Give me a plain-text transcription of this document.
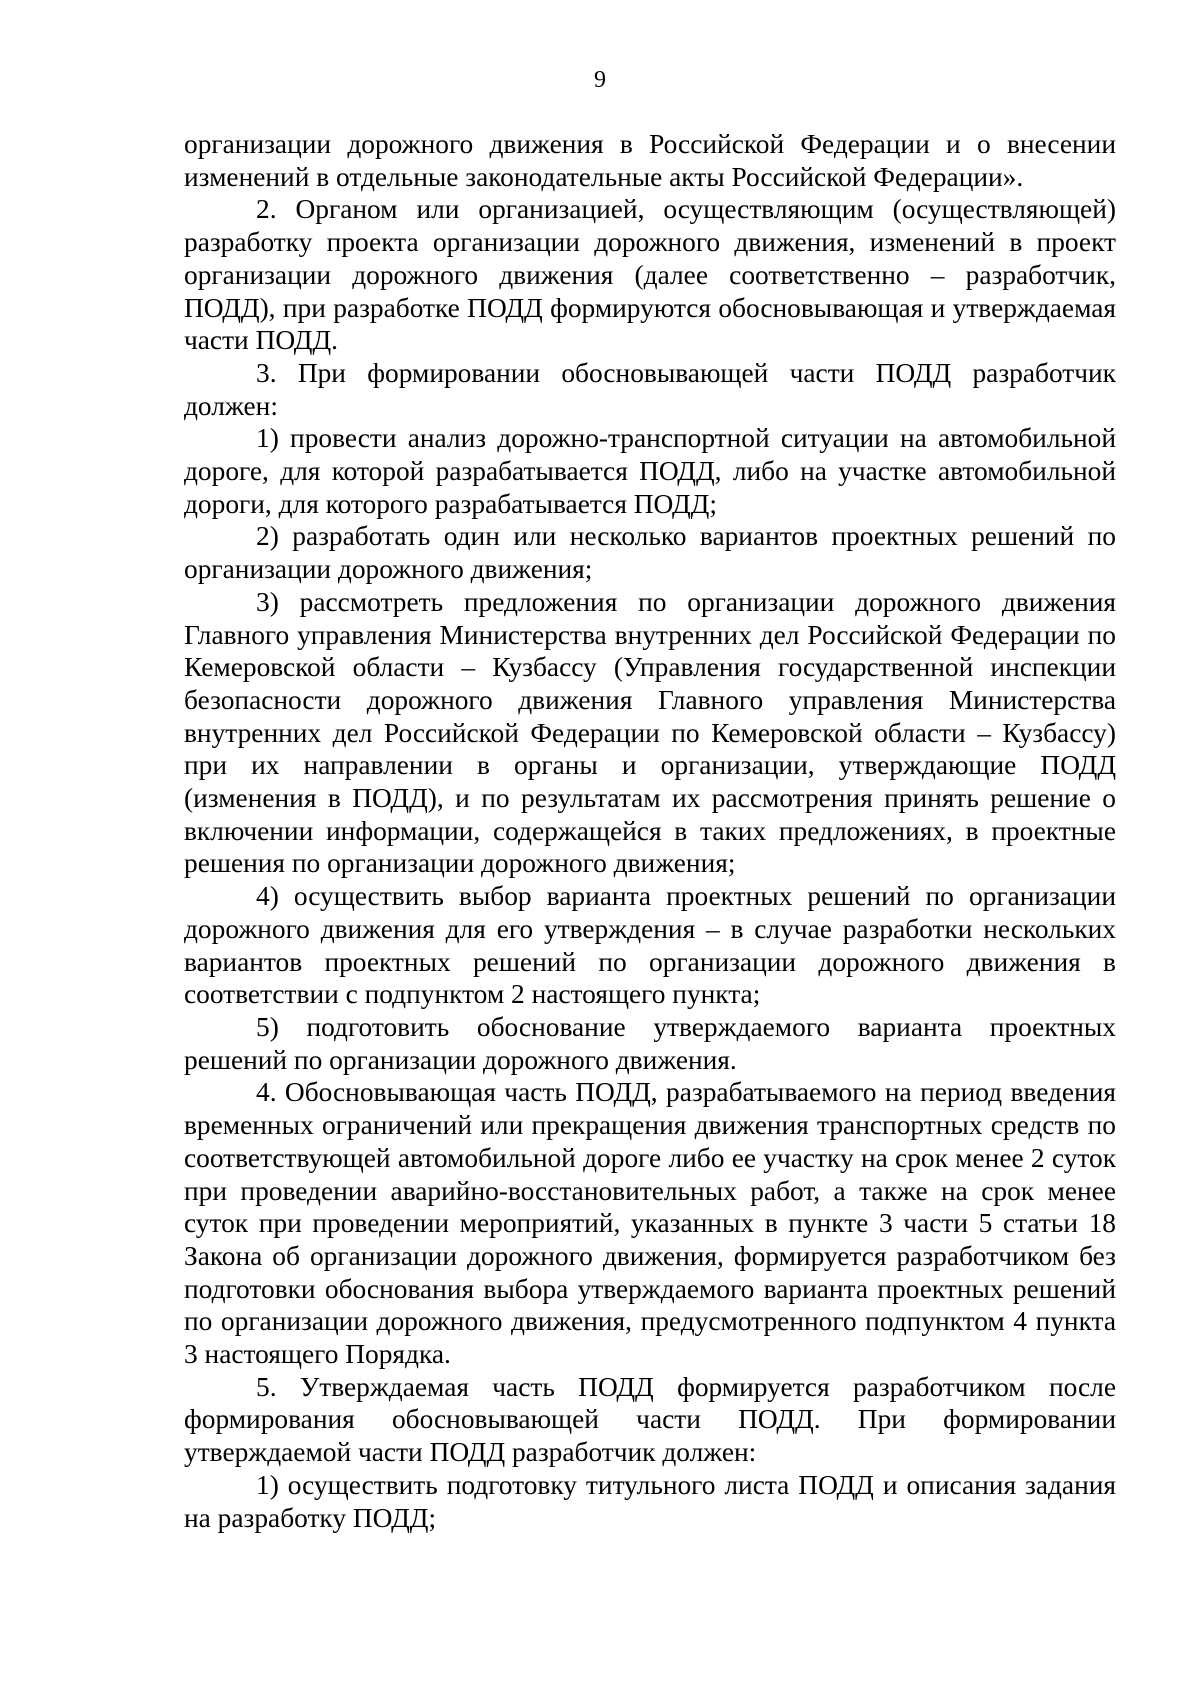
9

организации дорожного движения в Российской Федерации и о внесении изменений в отдельные законодательные акты Российской Федерации».

2. Органом или организацией, осуществляющим (осуществляющей) разработку проекта организации дорожного движения, изменений в проект организации дорожного движения (далее соответственно – разработчик, ПОДД), при разработке ПОДД формируются обосновывающая и утверждаемая части ПОДД.

3. При формировании обосновывающей части ПОДД разработчик должен:

1) провести анализ дорожно-транспортной ситуации на автомобильной дороге, для которой разрабатывается ПОДД, либо на участке автомобильной дороги, для которого разрабатывается ПОДД;

2) разработать один или несколько вариантов проектных решений по организации дорожного движения;

3) рассмотреть предложения по организации дорожного движения Главного управления Министерства внутренних дел Российской Федерации по Кемеровской области – Кузбассу (Управления государственной инспекции безопасности дорожного движения Главного управления Министерства внутренних дел Российской Федерации по Кемеровской области – Кузбассу) при их направлении в органы и организации, утверждающие ПОДД (изменения в ПОДД), и по результатам их рассмотрения принять решение о включении информации, содержащейся в таких предложениях, в проектные решения по организации дорожного движения;

4) осуществить выбор варианта проектных решений по организации дорожного движения для его утверждения – в случае разработки нескольких вариантов проектных решений по организации дорожного движения в соответствии с подпунктом 2 настоящего пункта;

5) подготовить обоснование утверждаемого варианта проектных решений по организации дорожного движения.

4. Обосновывающая часть ПОДД, разрабатываемого на период введения временных ограничений или прекращения движения транспортных средств по соответствующей автомобильной дороге либо ее участку на срок менее 2 суток при проведении аварийно-восстановительных работ, а также на срок менее суток при проведении мероприятий, указанных в пункте 3 части 5 статьи 18 Закона об организации дорожного движения, формируется разработчиком без подготовки обоснования выбора утверждаемого варианта проектных решений по организации дорожного движения, предусмотренного подпунктом 4 пункта 3 настоящего Порядка.

5. Утверждаемая часть ПОДД формируется разработчиком после формирования обосновывающей части ПОДД. При формировании утверждаемой части ПОДД разработчик должен:

1) осуществить подготовку титульного листа ПОДД и описания задания на разработку ПОДД;
